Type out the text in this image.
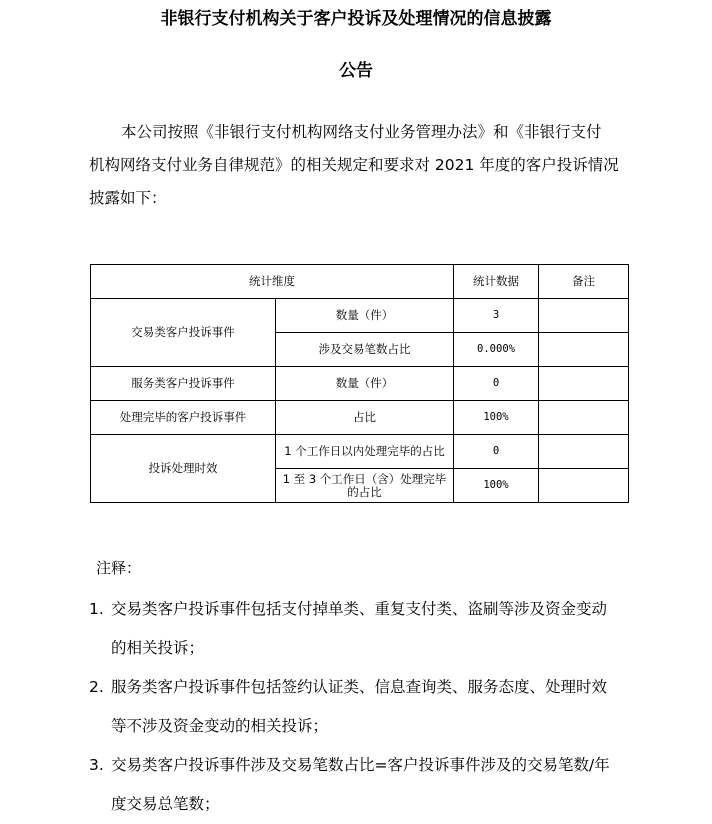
非银行支付机构关于客户投诉及处理情况的信息披露
公告

本公司按照《非银行支付机构网络支付业务管理办法》和《非银行支付
机构网络支付业务自律规范》的相关规定和要求对 2021 年度的客户投诉情况
披露如下：

统计维度		统计数据	备注
交易类客户投诉事件	数量（件）	3	
	涉及交易笔数占比	0.000%	
服务类客户投诉事件	数量（件）	0	
处理完毕的客户投诉事件	占比	100%	
投诉处理时效	1 个工作日以内处理完毕的占比	0	
	1 至 3 个工作日（含）处理完毕的占比	100%	

注释：

1. 交易类客户投诉事件包括支付掉单类、重复支付类、盗刷等涉及资金变动
的相关投诉；
2. 服务类客户投诉事件包括签约认证类、信息查询类、服务态度、处理时效
等不涉及资金变动的相关投诉；
3. 交易类客户投诉事件涉及交易笔数占比=客户投诉事件涉及的交易笔数/年
度交易总笔数；
